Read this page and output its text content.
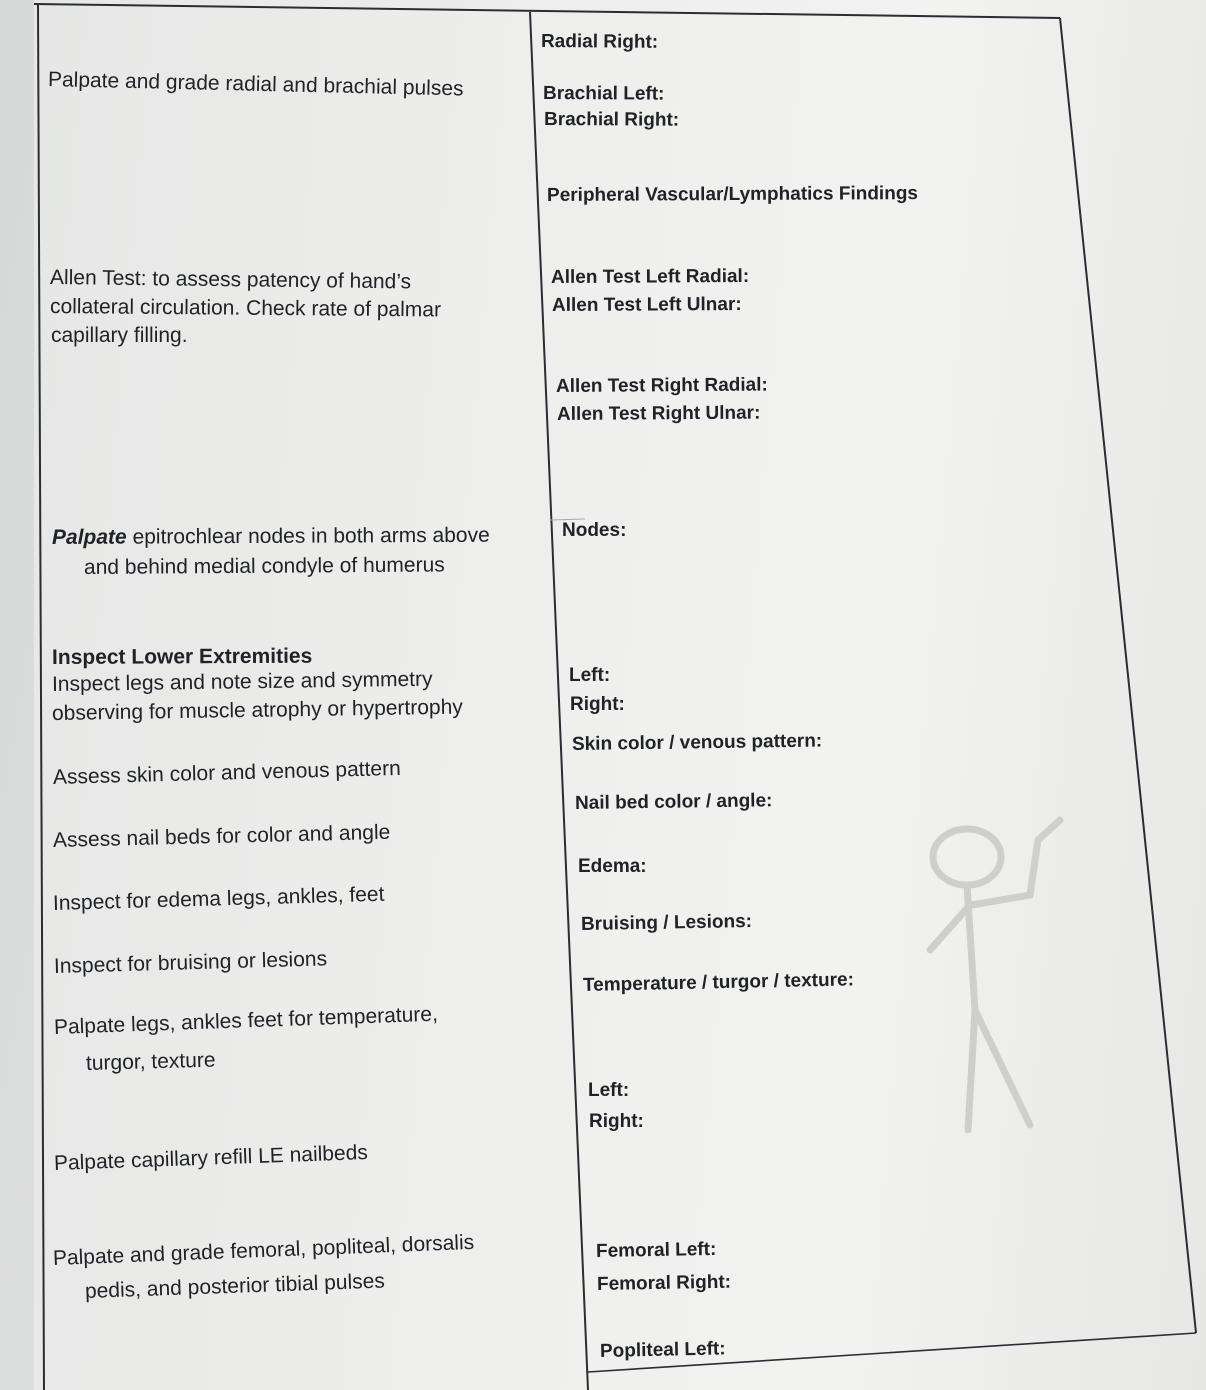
Palpate and grade radial and brachial pulses

Allen Test: to assess patency of hand’s

collateral circulation. Check rate of palmar

capillary filling.

Palpate epitrochlear nodes in both arms above

and behind medial condyle of humerus

Inspect Lower Extremities

Inspect legs and note size and symmetry

observing for muscle atrophy or hypertrophy

Assess skin color and venous pattern

Assess nail beds for color and angle

Inspect for edema legs, ankles, feet

Inspect for bruising or lesions

Palpate legs, ankles feet for temperature,

turgor, texture

Palpate capillary refill LE nailbeds

Palpate and grade femoral, popliteal, dorsalis

pedis, and posterior tibial pulses

Radial Right:

Brachial Left:

Brachial Right:

Peripheral Vascular/Lymphatics Findings

Allen Test Left Radial:

Allen Test Left Ulnar:

Allen Test Right Radial:

Allen Test Right Ulnar:

Nodes:

Left:

Right:

Skin color / venous pattern:

Nail bed color / angle:

Edema:

Bruising / Lesions:

Temperature / turgor / texture:

Left:

Right:

Femoral Left:

Femoral Right:

Popliteal Left:
